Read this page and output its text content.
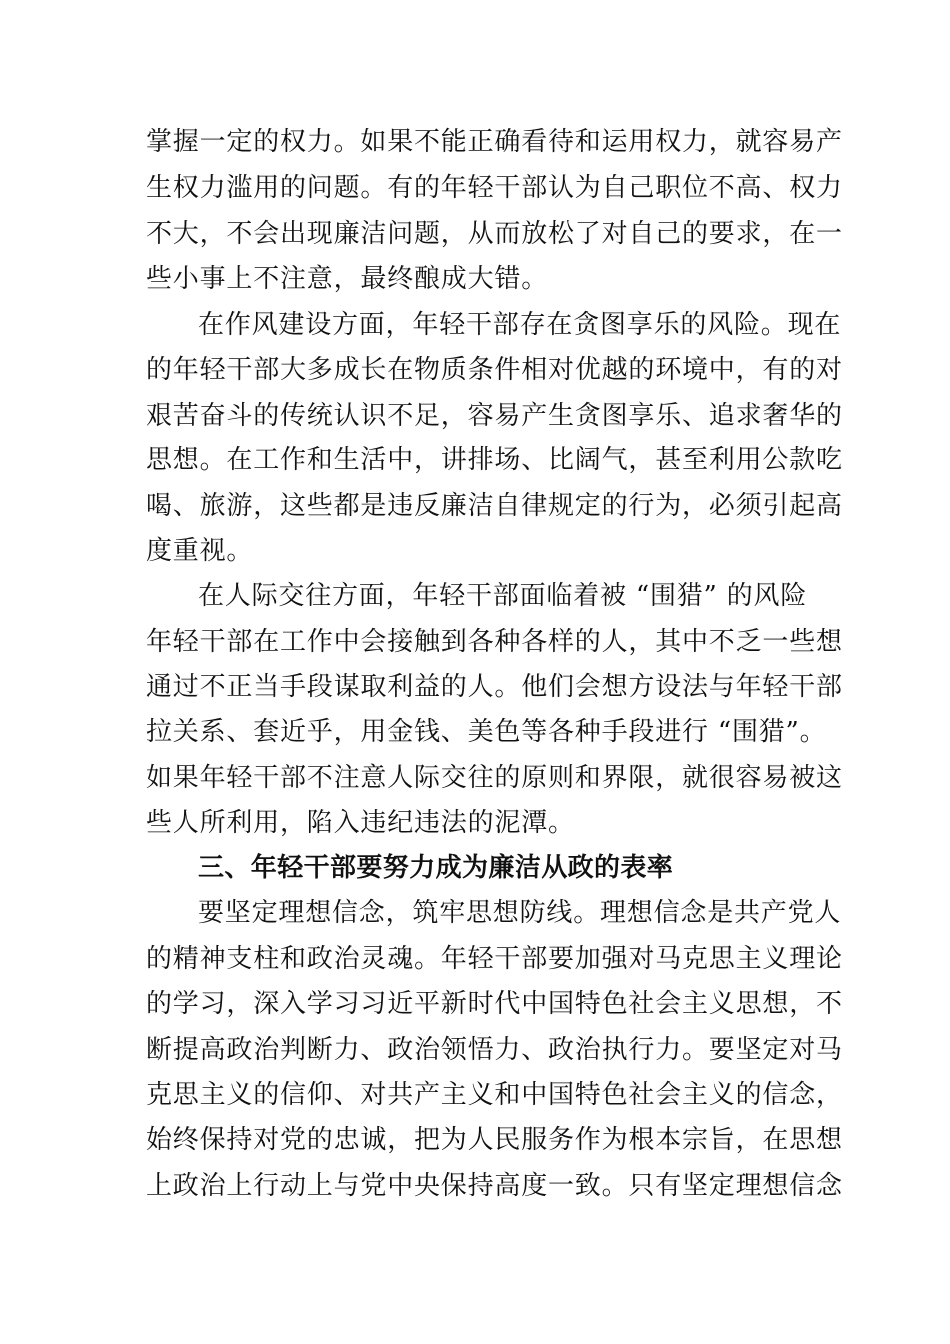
掌握一定的权力。如果不能正确看待和运用权力，就容易产
生权力滥用的问题。有的年轻干部认为自己职位不高、权力
不大，不会出现廉洁问题，从而放松了对自己的要求，在一
些小事上不注意，最终酿成大错。
在作风建设方面，年轻干部存在贪图享乐的风险。现在
的年轻干部大多成长在物质条件相对优越的环境中，有的对
艰苦奋斗的传统认识不足，容易产生贪图享乐、追求奢华的
思想。在工作和生活中，讲排场、比阔气，甚至利用公款吃
喝、旅游，这些都是违反廉洁自律规定的行为，必须引起高
度重视。
在人际交往方面，年轻干部面临着被 “围猎” 的风险
年轻干部在工作中会接触到各种各样的人，其中不乏一些想
通过不正当手段谋取利益的人。他们会想方设法与年轻干部
拉关系、套近乎，用金钱、美色等各种手段进行 “围猎”。
如果年轻干部不注意人际交往的原则和界限，就很容易被这
些人所利用，陷入违纪违法的泥潭。
三、年轻干部要努力成为廉洁从政的表率
要坚定理想信念，筑牢思想防线。理想信念是共产党人
的精神支柱和政治灵魂。年轻干部要加强对马克思主义理论
的学习，深入学习习近平新时代中国特色社会主义思想，不
断提高政治判断力、政治领悟力、政治执行力。要坚定对马
克思主义的信仰、对共产主义和中国特色社会主义的信念，
始终保持对党的忠诚，把为人民服务作为根本宗旨，在思想
上政治上行动上与党中央保持高度一致。只有坚定理想信念
